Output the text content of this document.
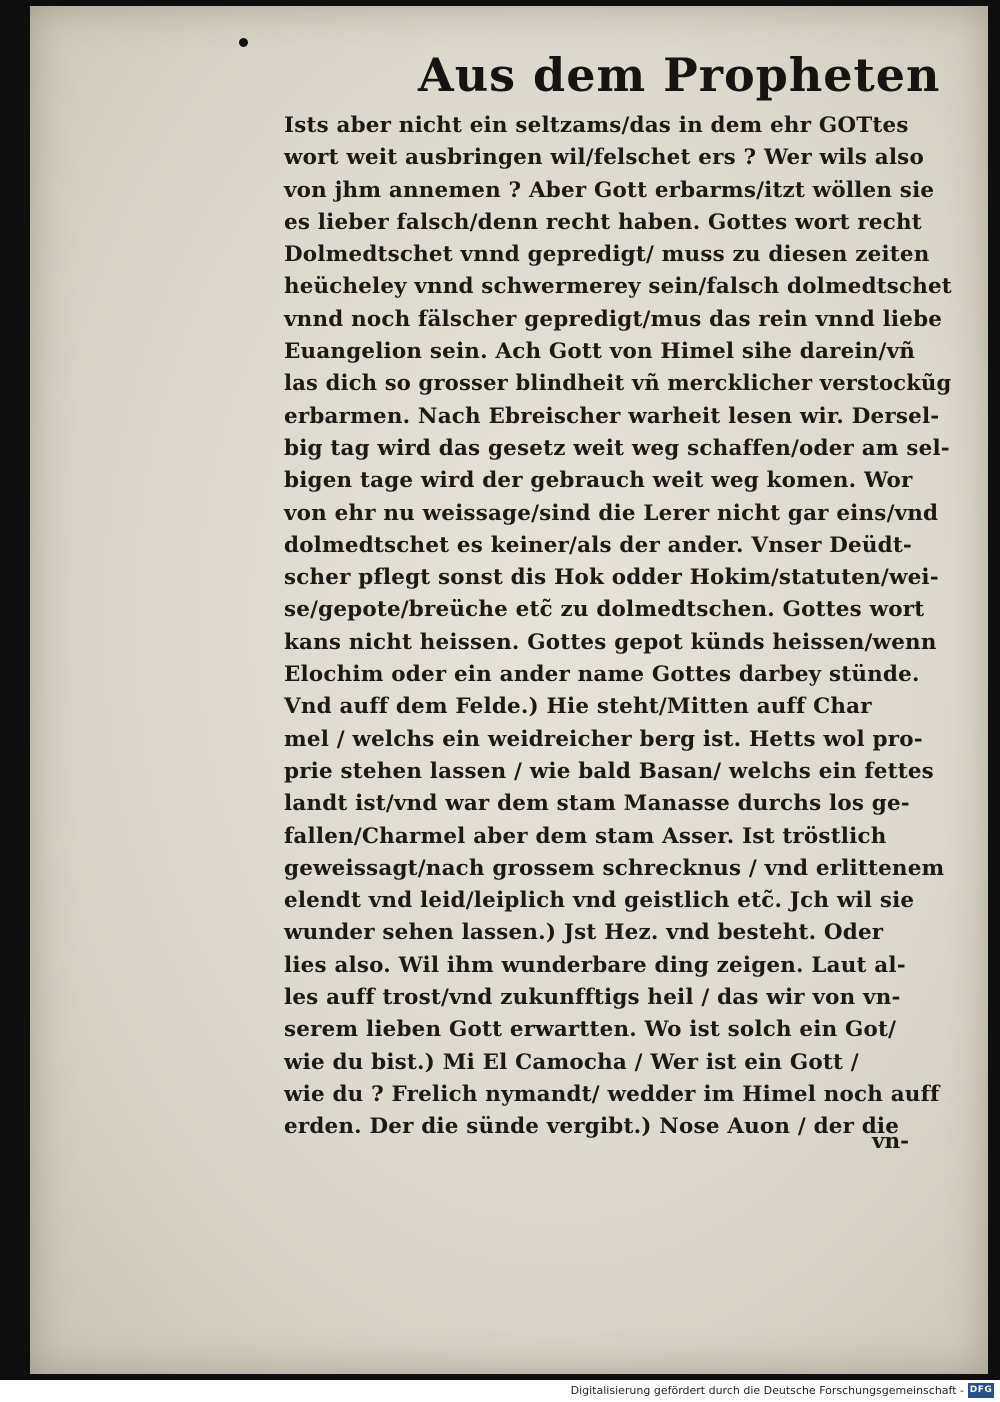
Aus dem Propheten
Ists aber nicht ein seltzams/das in dem ehr GOTtes
wort weit ausbringen wil/felschet ers ? Wer wils also
von jhm annemen ? Aber Gott erbarms/itzt wöllen sie
es lieber falsch/denn recht haben. Gottes wort recht
Dolmedtschet vnnd gepredigt/ muss zu diesen zeiten
heücheley vnnd schwermerey sein/falsch dolmedtschet
vnnd noch fälscher gepredigt/mus das rein vnnd liebe
Euangelion sein. Ach Gott von Himel sihe darein/vñ
las dich so grosser blindheit vñ mercklicher verstockũg
erbarmen. Nach Ebreischer warheit lesen wir. Dersel-
big tag wird das gesetz weit weg schaffen/oder am sel-
bigen tage wird der gebrauch weit weg komen. Wor
von ehr nu weissage/sind die Lerer nicht gar eins/vnd
dolmedtschet es keiner/als der ander. Vnser Deüdt-
scher pflegt sonst dis Hok odder Hokim/statuten/wei-
se/gepote/breüche etc̃ zu dolmedtschen. Gottes wort
kans nicht heissen. Gottes gepot künds heissen/wenn
Elochim oder ein ander name Gottes darbey stünde.
Vnd auff dem Felde.) Hie steht/Mitten auff Char
mel / welchs ein weidreicher berg ist. Hetts wol pro-
prie stehen lassen / wie bald Basan/ welchs ein fettes
landt ist/vnd war dem stam Manasse durchs los ge-
fallen/Charmel aber dem stam Asser. Ist tröstlich
geweissagt/nach grossem schrecknus / vnd erlittenem
elendt vnd leid/leiplich vnd geistlich etc̃. Jch wil sie
wunder sehen lassen.) Jst Hez. vnd besteht. Oder
lies also. Wil ihm wunderbare ding zeigen. Laut al-
les auff trost/vnd zukunfftigs heil / das wir von vn-
serem lieben Gott erwartten. Wo ist solch ein Got/
wie du bist.) Mi El Camocha / Wer ist ein Gott /
wie du ? Frelich nymandt/ wedder im Himel noch auff
erden. Der die sünde vergibt.) Nose Auon / der die
vn-
Digitalisierung gefördert durch die Deutsche Forschungsgemeinschaft - DFG
